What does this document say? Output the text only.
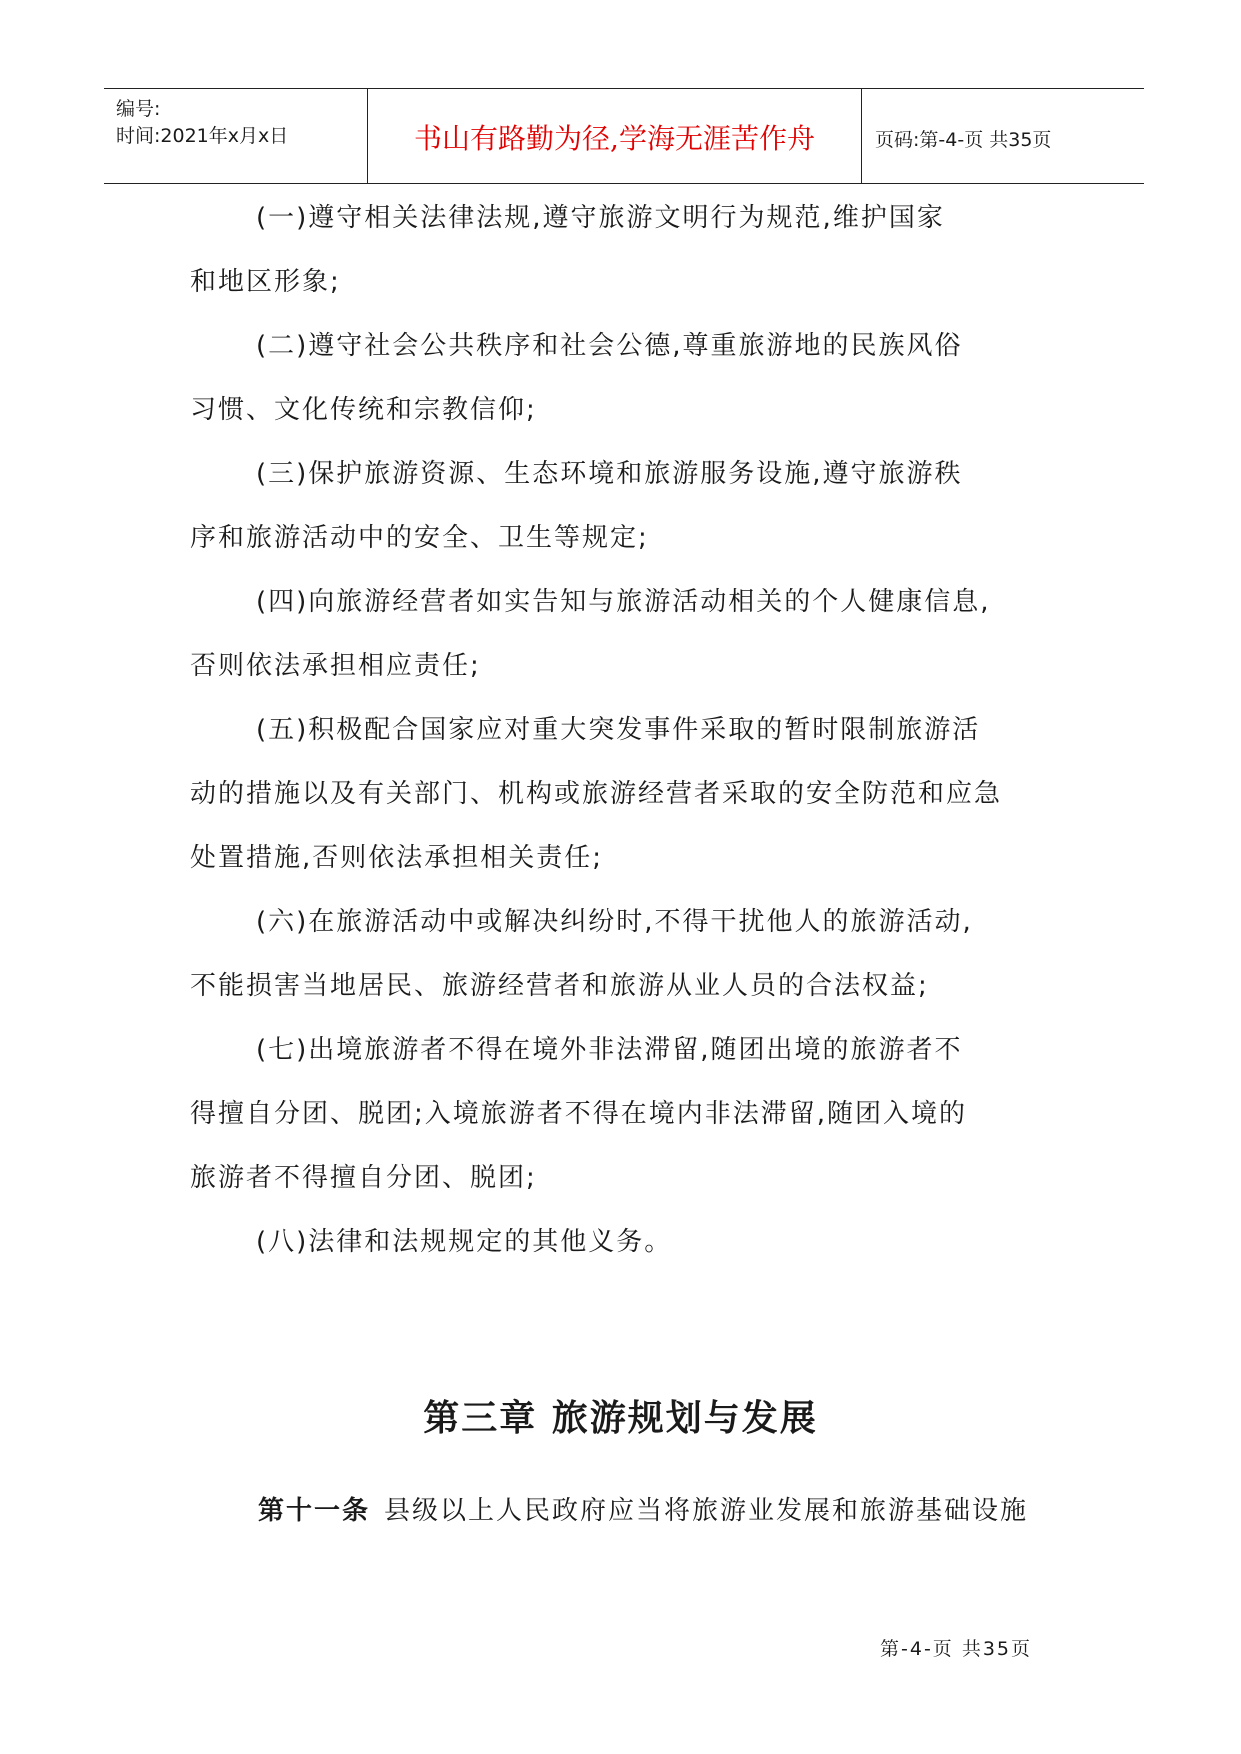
编号:
时间:2021年x月x日	书山有路勤为径,学海无涯苦作舟	页码:第-4-页 共35页

(一)遵守相关法律法规,遵守旅游文明行为规范,维护国家
和地区形象;

(二)遵守社会公共秩序和社会公德,尊重旅游地的民族风俗
习惯、文化传统和宗教信仰;

(三)保护旅游资源、生态环境和旅游服务设施,遵守旅游秩
序和旅游活动中的安全、卫生等规定;

(四)向旅游经营者如实告知与旅游活动相关的个人健康信息,
否则依法承担相应责任;

(五)积极配合国家应对重大突发事件采取的暂时限制旅游活
动的措施以及有关部门、机构或旅游经营者采取的安全防范和应急
处置措施,否则依法承担相关责任;

(六)在旅游活动中或解决纠纷时,不得干扰他人的旅游活动,
不能损害当地居民、旅游经营者和旅游从业人员的合法权益;

(七)出境旅游者不得在境外非法滞留,随团出境的旅游者不
得擅自分团、脱团;入境旅游者不得在境内非法滞留,随团入境的
旅游者不得擅自分团、脱团;

(八)法律和法规规定的其他义务。

第三章 旅游规划与发展
第十一条 县级以上人民政府应当将旅游业发展和旅游基础设施
第-4-页 共35页
